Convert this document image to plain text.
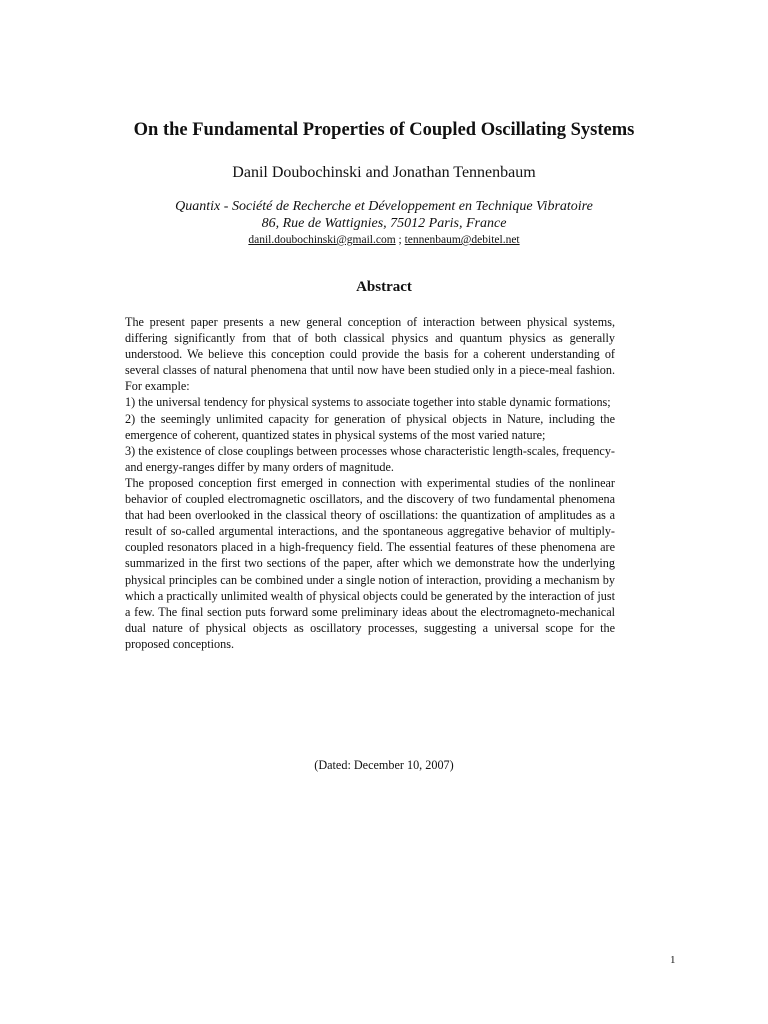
On the Fundamental Properties of Coupled Oscillating Systems
Danil Doubochinski and Jonathan Tennenbaum
Quantix - Société de Recherche et Développement en Technique Vibratoire
86, Rue de Wattignies, 75012 Paris, France
danil.doubochinski@gmail.com ; tennenbaum@debitel.net
Abstract

The present paper presents a new general conception of interaction between physical systems, differing significantly from that of both classical physics and quantum physics as generally understood. We believe this conception could provide the basis for a coherent understanding of several classes of natural phenomena that until now have been studied only in a piece-meal fashion. For example:

1) the universal tendency for physical systems to associate together into stable dynamic formations;

2) the seemingly unlimited capacity for generation of physical objects in Nature, including the emergence of coherent, quantized states in physical systems of the most varied nature;

3) the existence of close couplings between processes whose characteristic length-scales, frequency- and energy-ranges differ by many orders of magnitude.

The proposed conception first emerged in connection with experimental studies of the nonlinear behavior of coupled electromagnetic oscillators, and the discovery of two fundamental phenomena that had been overlooked in the classical theory of oscillations: the quantization of amplitudes as a result of so-called argumental interactions, and the spontaneous aggregative behavior of multiply-coupled resonators placed in a high-frequency field. The essential features of these phenomena are summarized in the first two sections of the paper, after which we demonstrate how the underlying physical principles can be combined under a single notion of interaction, providing a mechanism by which a practically unlimited wealth of physical objects could be generated by the interaction of just a few. The final section puts forward some preliminary ideas about the electromagneto-mechanical dual nature of physical objects as oscillatory processes, suggesting a universal scope for the proposed conceptions.

(Dated: December 10, 2007)
1
